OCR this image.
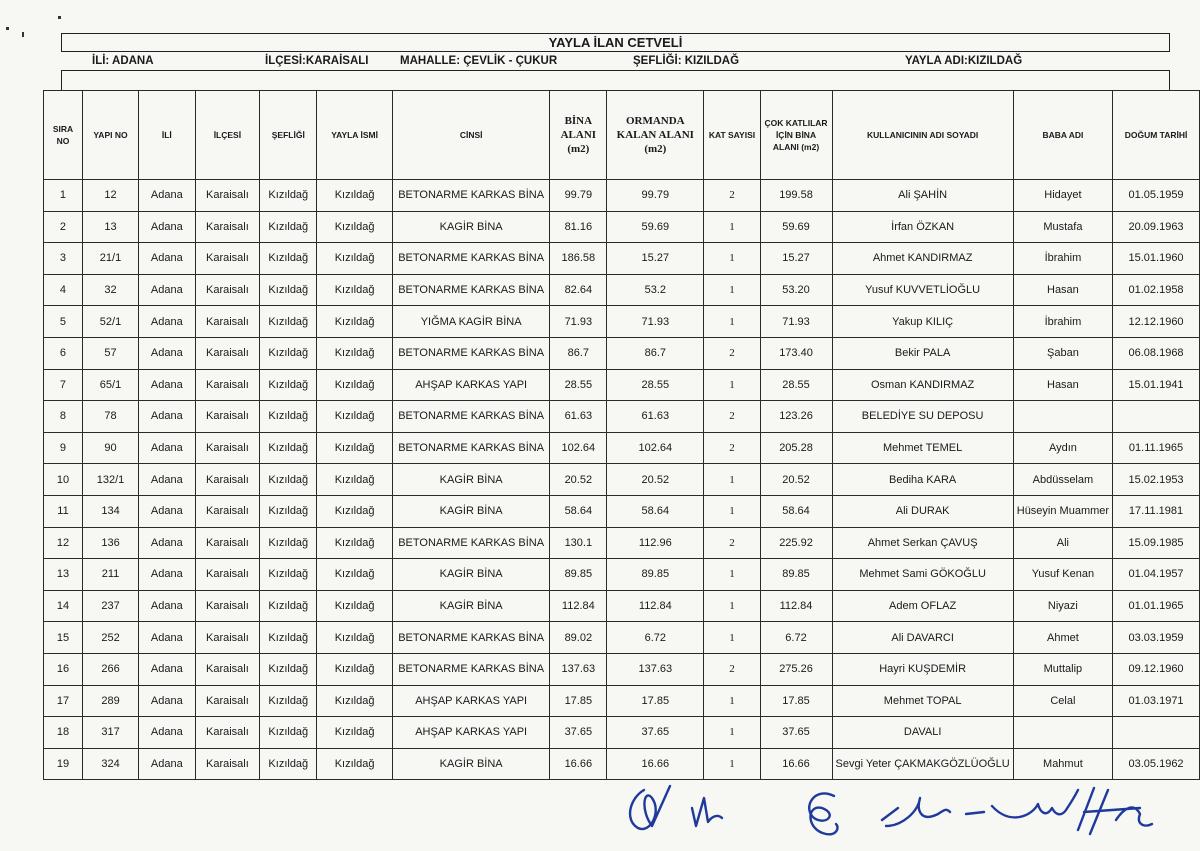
YAYLA İLAN CETVELİ
İLİ: ADANA	İLÇESİ:KARAİSALI	MAHALLE: ÇEVLİK - ÇUKUR	ŞEFLİĞİ: KIZILDAĞ	YAYLA ADI:KIZILDAĞ
SIRA NO	YAPI NO	İLİ	İLÇESİ	ŞEFLİĞİ	YAYLA İSMİ	CİNSİ	BİNA ALANI (m2)	ORMANDA KALAN ALANI (m2)	KAT SAYISI	ÇOK KATLILAR İÇİN BİNA ALANI (m2)	KULLANICININ ADI SOYADI	BABA ADI	DOĞUM TARİHİ
1	12	Adana	Karaisalı	Kızıldağ	Kızıldağ	BETONARME KARKAS BİNA	99.79	99.79	2	199.58	Ali ŞAHİN	Hidayet	01.05.1959
2	13	Adana	Karaisalı	Kızıldağ	Kızıldağ	KAGİR BİNA	81.16	59.69	1	59.69	İrfan ÖZKAN	Mustafa	20.09.1963
3	21/1	Adana	Karaisalı	Kızıldağ	Kızıldağ	BETONARME KARKAS BİNA	186.58	15.27	1	15.27	Ahmet KANDIRMAZ	İbrahim	15.01.1960
4	32	Adana	Karaisalı	Kızıldağ	Kızıldağ	BETONARME KARKAS BİNA	82.64	53.2	1	53.20	Yusuf KUVVETLİOĞLU	Hasan	01.02.1958
5	52/1	Adana	Karaisalı	Kızıldağ	Kızıldağ	YIĞMA KAGİR BİNA	71.93	71.93	1	71.93	Yakup KILIÇ	İbrahim	12.12.1960
6	57	Adana	Karaisalı	Kızıldağ	Kızıldağ	BETONARME KARKAS BİNA	86.7	86.7	2	173.40	Bekir PALA	Şaban	06.08.1968
7	65/1	Adana	Karaisalı	Kızıldağ	Kızıldağ	AHŞAP KARKAS YAPI	28.55	28.55	1	28.55	Osman KANDIRMAZ	Hasan	15.01.1941
8	78	Adana	Karaisalı	Kızıldağ	Kızıldağ	BETONARME KARKAS BİNA	61.63	61.63	2	123.26	BELEDİYE SU DEPOSU		
9	90	Adana	Karaisalı	Kızıldağ	Kızıldağ	BETONARME KARKAS BİNA	102.64	102.64	2	205.28	Mehmet TEMEL	Aydın	01.11.1965
10	132/1	Adana	Karaisalı	Kızıldağ	Kızıldağ	KAGİR BİNA	20.52	20.52	1	20.52	Bediha KARA	Abdüsselam	15.02.1953
11	134	Adana	Karaisalı	Kızıldağ	Kızıldağ	KAGİR BİNA	58.64	58.64	1	58.64	Ali DURAK	Hüseyin Muammer	17.11.1981
12	136	Adana	Karaisalı	Kızıldağ	Kızıldağ	BETONARME KARKAS BİNA	130.1	112.96	2	225.92	Ahmet Serkan ÇAVUŞ	Ali	15.09.1985
13	211	Adana	Karaisalı	Kızıldağ	Kızıldağ	KAGİR BİNA	89.85	89.85	1	89.85	Mehmet Sami GÖKOĞLU	Yusuf Kenan	01.04.1957
14	237	Adana	Karaisalı	Kızıldağ	Kızıldağ	KAGİR BİNA	112.84	112.84	1	112.84	Adem OFLAZ	Niyazi	01.01.1965
15	252	Adana	Karaisalı	Kızıldağ	Kızıldağ	BETONARME KARKAS BİNA	89.02	6.72	1	6.72	Ali DAVARCI	Ahmet	03.03.1959
16	266	Adana	Karaisalı	Kızıldağ	Kızıldağ	BETONARME KARKAS BİNA	137.63	137.63	2	275.26	Hayri KUŞDEMİR	Muttalip	09.12.1960
17	289	Adana	Karaisalı	Kızıldağ	Kızıldağ	AHŞAP KARKAS YAPI	17.85	17.85	1	17.85	Mehmet TOPAL	Celal	01.03.1971
18	317	Adana	Karaisalı	Kızıldağ	Kızıldağ	AHŞAP KARKAS YAPI	37.65	37.65	1	37.65	DAVALI		
19	324	Adana	Karaisalı	Kızıldağ	Kızıldağ	KAGİR BİNA	16.66	16.66	1	16.66	Sevgi Yeter ÇAKMAKGÖZLÜOĞLU	Mahmut	03.05.1962
